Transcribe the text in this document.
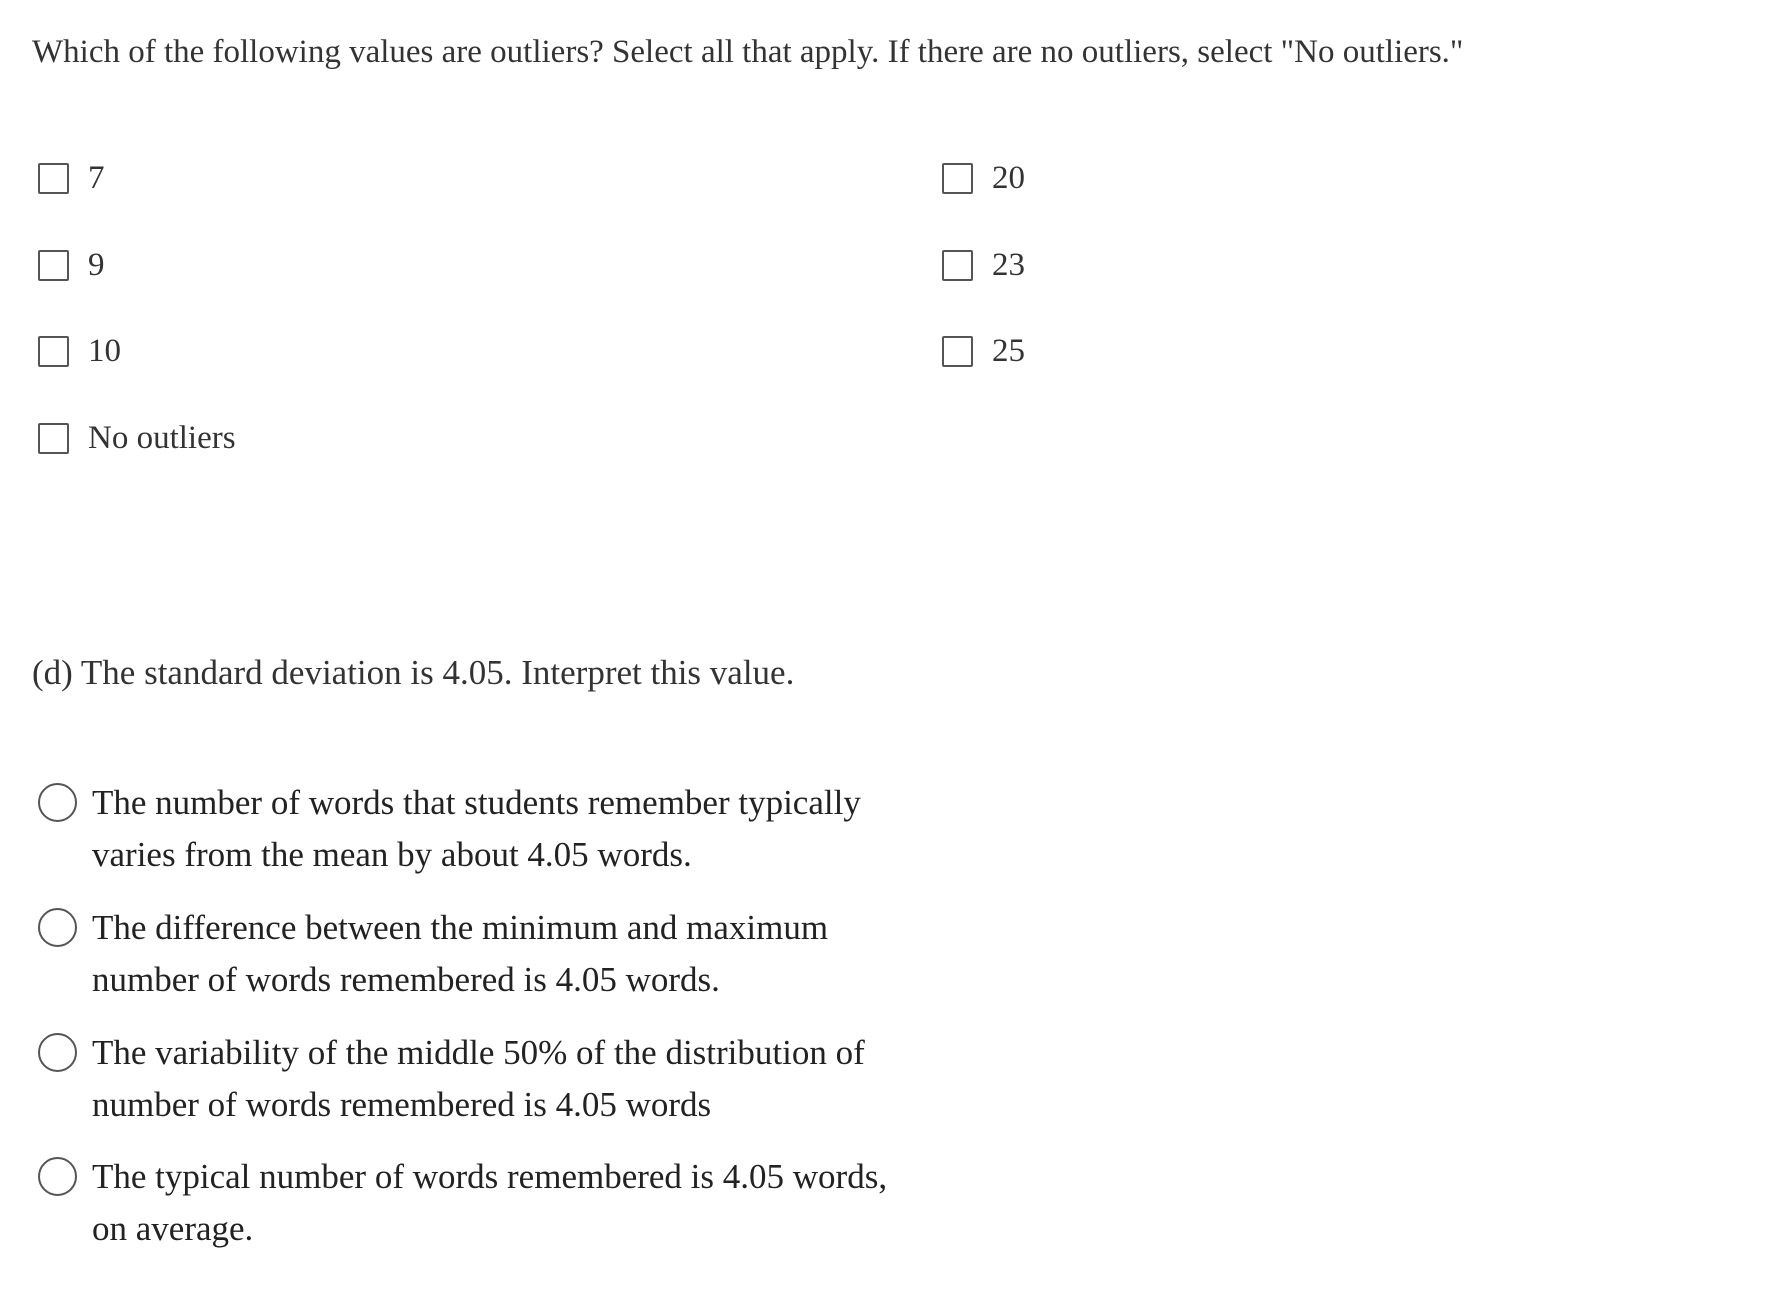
Which of the following values are outliers? Select all that apply. If there are no outliers, select "No outliers."
7
9
10
No outliers
20
23
25
(d) The standard deviation is 4.05. Interpret this value.
The number of words that students remember typically varies from the mean by about 4.05 words.
The difference between the minimum and maximum number of words remembered is 4.05 words.
The variability of the middle 50% of the distribution of number of words remembered is 4.05 words
The typical number of words remembered is 4.05 words, on average.
